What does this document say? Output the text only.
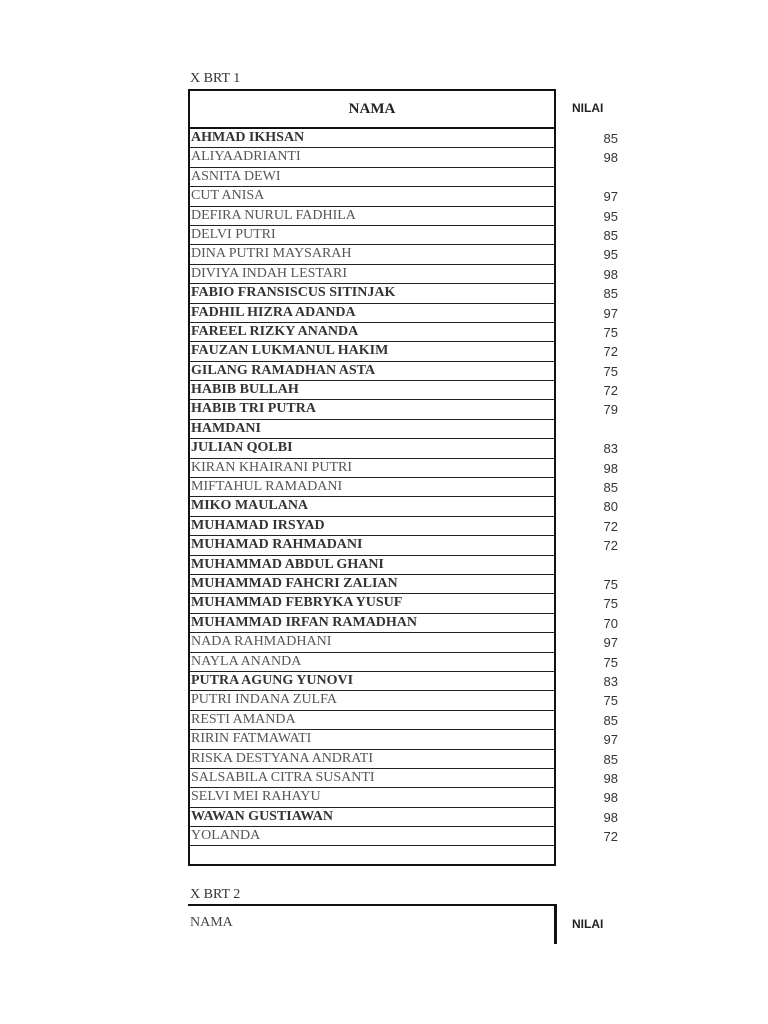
X BRT 1
NAMA
AHMAD IKHSAN
ALIYAADRIANTI
ASNITA DEWI
CUT ANISA
DEFIRA NURUL FADHILA
DELVI PUTRI
DINA PUTRI MAYSARAH
DIVIYA INDAH LESTARI
FABIO FRANSISCUS SITINJAK
FADHIL HIZRA ADANDA
FAREEL RIZKY ANANDA
FAUZAN LUKMANUL HAKIM
GILANG RAMADHAN ASTA
HABIB BULLAH
HABIB TRI PUTRA
HAMDANI
JULIAN QOLBI
KIRAN KHAIRANI PUTRI
MIFTAHUL RAMADANI
MIKO MAULANA
MUHAMAD IRSYAD
MUHAMAD RAHMADANI
MUHAMMAD ABDUL GHANI
MUHAMMAD FAHCRI ZALIAN
MUHAMMAD FEBRYKA YUSUF
MUHAMMAD IRFAN RAMADHAN
NADA RAHMADHANI
NAYLA ANANDA
PUTRA AGUNG YUNOVI
PUTRI INDANA ZULFA
RESTI AMANDA
RIRIN FATMAWATI
RISKA DESTYANA ANDRATI
SALSABILA CITRA SUSANTI
SELVI MEI RAHAYU
WAWAN GUSTIAWAN
YOLANDA
NILAI
85
98
97
95
85
95
98
85
97
75
72
75
72
79
83
98
85
80
72
72
75
75
70
97
75
83
75
85
97
85
98
98
98
72
X BRT 2
NAMA	NILAI
